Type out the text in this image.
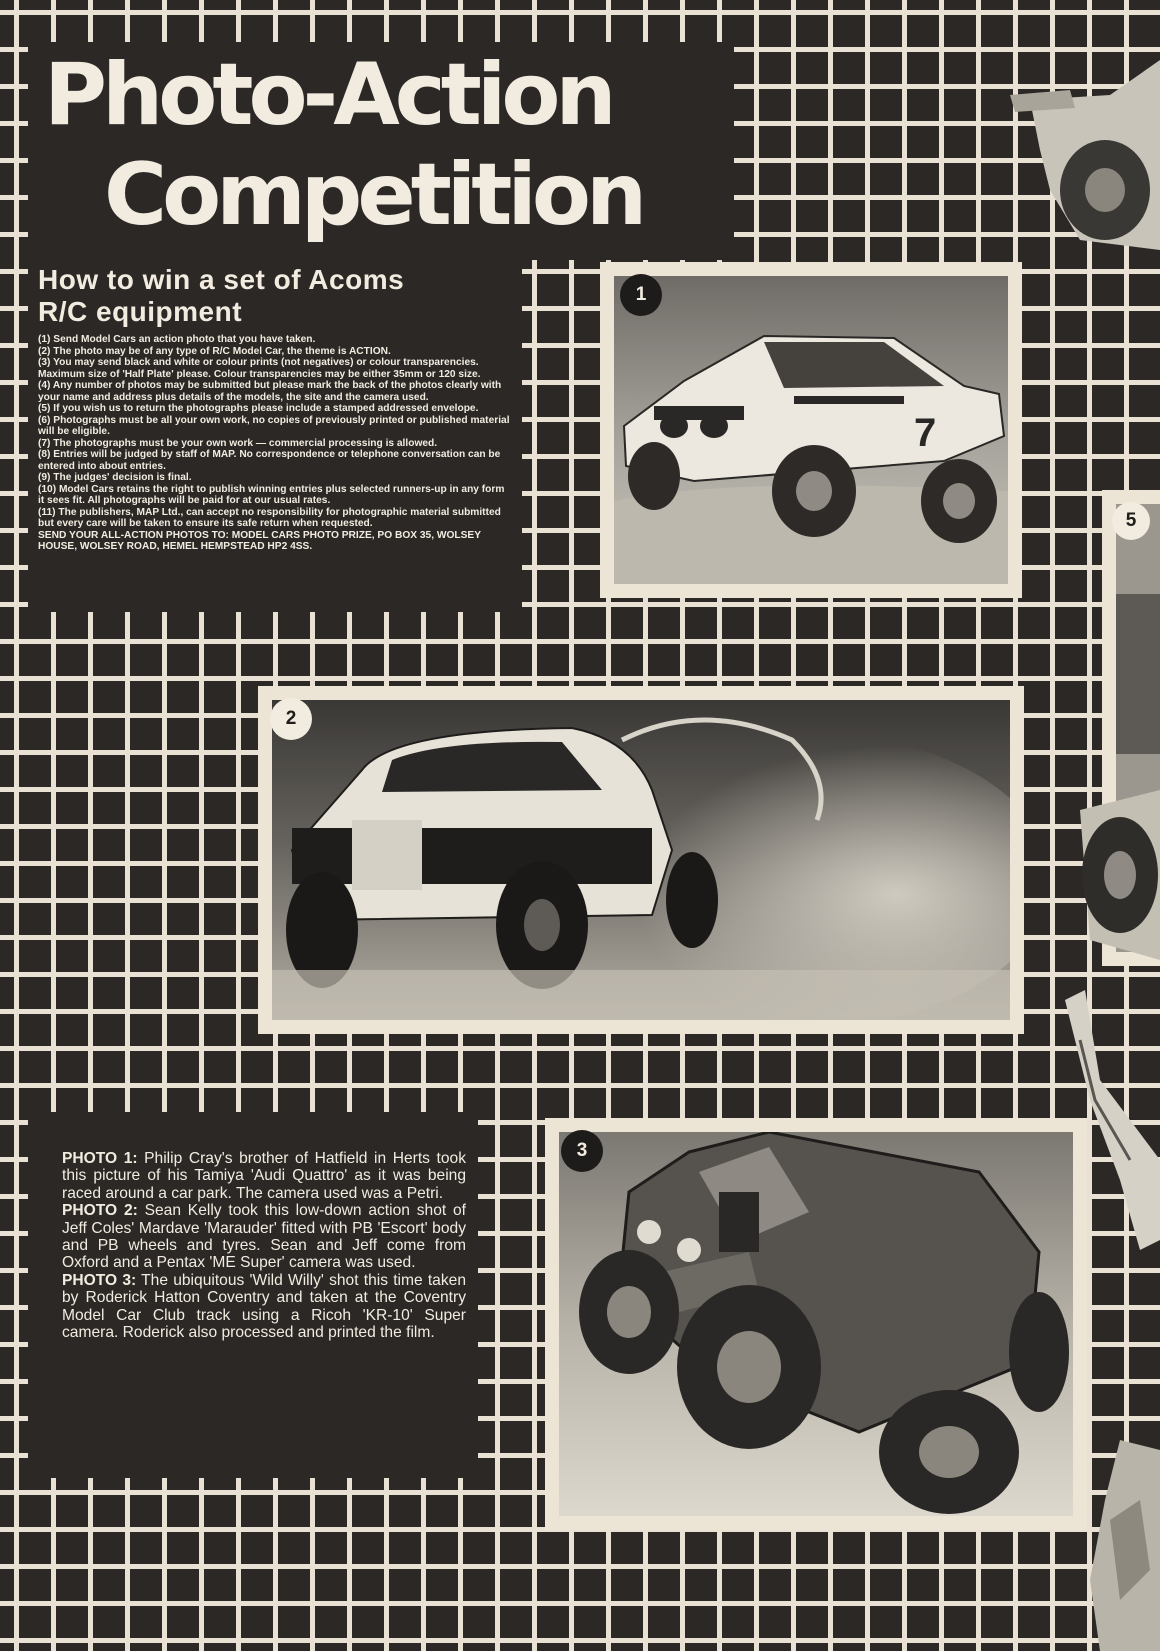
Photo-Action
Competition
How to win a set of Acoms
R/C equipment
(1) Send Model Cars an action photo that you have taken.
(2) The photo may be of any type of R/C Model Car, the theme is ACTION.
(3) You may send black and white or colour prints (not negatives) or colour transparencies. Maximum size of 'Half Plate' please. Colour transparencies may be either 35mm or 120 size.
(4) Any number of photos may be submitted but please mark the back of the photos clearly with your name and address plus details of the models, the site and the camera used.
(5) If you wish us to return the photographs please include a stamped addressed envelope.
(6) Photographs must be all your own work, no copies of previously printed or published material will be eligible.
(7) The photographs must be your own work — commercial processing is allowed.
(8) Entries will be judged by staff of MAP. No correspondence or telephone conversation can be entered into about entries.
(9) The judges' decision is final.
(10) Model Cars retains the right to publish winning entries plus selected runners-up in any form it sees fit. All photographs will be paid for at our usual rates.
(11) The publishers, MAP Ltd., can accept no responsibility for photographic material submitted but every care will be taken to ensure its safe return when requested.

SEND YOUR ALL-ACTION PHOTOS TO: MODEL CARS PHOTO PRIZE, PO BOX 35, WOLSEY HOUSE, WOLSEY ROAD, HEMEL HEMPSTEAD HP2 4SS.

7
1
2
3
5

PHOTO 1: Philip Cray's brother of Hatfield in Herts took this picture of his Tamiya 'Audi Quattro' as it was being raced around a car park. The camera used was a Petri.

PHOTO 2: Sean Kelly took this low-down action shot of Jeff Coles' Mardave 'Marauder' fitted with PB 'Escort' body and PB wheels and tyres. Sean and Jeff come from Oxford and a Pentax 'ME Super' camera was used.

PHOTO 3: The ubiquitous 'Wild Willy' shot this time taken by Roderick Hatton Coventry and taken at the Coventry Model Car Club track using a Ricoh 'KR-10' Super camera. Roderick also processed and printed the film.
